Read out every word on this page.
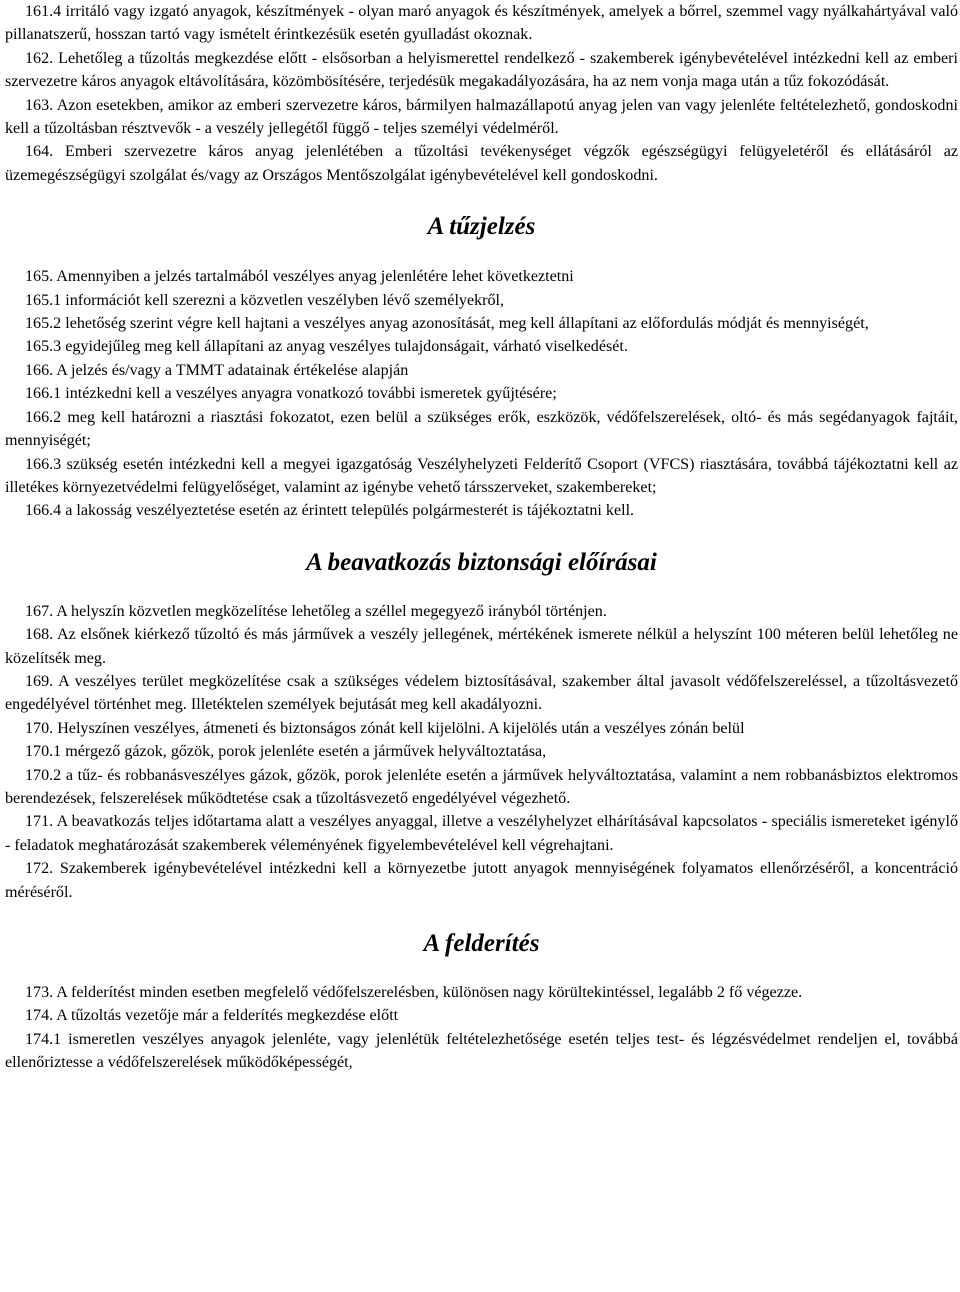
161.4 irritáló vagy izgató anyagok, készítmények - olyan maró anyagok és készítmények, amelyek a bőrrel, szemmel vagy nyálkahártyával való pillanatszerű, hosszan tartó vagy ismételt érintkezésük esetén gyulladást okoznak.

162. Lehetőleg a tűzoltás megkezdése előtt - elsősorban a helyismerettel rendelkező - szakemberek igénybevételével intézkedni kell az emberi szervezetre káros anyagok eltávolítására, közömbösítésére, terjedésük megakadályozására, ha az nem vonja maga után a tűz fokozódását.

163. Azon esetekben, amikor az emberi szervezetre káros, bármilyen halmazállapotú anyag jelen van vagy jelenléte feltételezhető, gondoskodni kell a tűzoltásban résztvevők - a veszély jellegétől függő - teljes személyi védelméről.

164. Emberi szervezetre káros anyag jelenlétében a tűzoltási tevékenységet végzők egészségügyi felügyeletéről és ellátásáról az üzemegészségügyi szolgálat és/vagy az Országos Mentőszolgálat igénybevételével kell gondoskodni.

A tűzjelzés

165. Amennyiben a jelzés tartalmából veszélyes anyag jelenlétére lehet következtetni

165.1 információt kell szerezni a közvetlen veszélyben lévő személyekről,

165.2 lehetőség szerint végre kell hajtani a veszélyes anyag azonosítását, meg kell állapítani az előfordulás módját és mennyiségét,

165.3 egyidejűleg meg kell állapítani az anyag veszélyes tulajdonságait, várható viselkedését.

166. A jelzés és/vagy a TMMT adatainak értékelése alapján

166.1 intézkedni kell a veszélyes anyagra vonatkozó további ismeretek gyűjtésére;

166.2 meg kell határozni a riasztási fokozatot, ezen belül a szükséges erők, eszközök, védőfelszerelések, oltó- és más segédanyagok fajtáit, mennyiségét;

166.3 szükség esetén intézkedni kell a megyei igazgatóság Veszélyhelyzeti Felderítő Csoport (VFCS) riasztására, továbbá tájékoztatni kell az illetékes környezetvédelmi felügyelőséget, valamint az igénybe vehető társszerveket, szakembereket;

166.4 a lakosság veszélyeztetése esetén az érintett település polgármesterét is tájékoztatni kell.

A beavatkozás biztonsági előírásai

167. A helyszín közvetlen megközelítése lehetőleg a széllel megegyező irányból történjen.

168. Az elsőnek kiérkező tűzoltó és más járművek a veszély jellegének, mértékének ismerete nélkül a helyszínt 100 méteren belül lehetőleg ne közelítsék meg.

169. A veszélyes terület megközelítése csak a szükséges védelem biztosításával, szakember által javasolt védőfelszereléssel, a tűzoltásvezető engedélyével történhet meg. Illetéktelen személyek bejutását meg kell akadályozni.

170. Helyszínen veszélyes, átmeneti és biztonságos zónát kell kijelölni. A kijelölés után a veszélyes zónán belül

170.1 mérgező gázok, gőzök, porok jelenléte esetén a járművek helyváltoztatása,

170.2 a tűz- és robbanásveszélyes gázok, gőzök, porok jelenléte esetén a járművek helyváltoztatása, valamint a nem robbanásbiztos elektromos berendezések, felszerelések működtetése csak a tűzoltásvezető engedélyével végezhető.

171. A beavatkozás teljes időtartama alatt a veszélyes anyaggal, illetve a veszélyhelyzet elhárításával kapcsolatos - speciális ismereteket igénylő - feladatok meghatározását szakemberek véleményének figyelembevételével kell végrehajtani.

172. Szakemberek igénybevételével intézkedni kell a környezetbe jutott anyagok mennyiségének folyamatos ellenőrzéséről, a koncentráció méréséről.

A felderítés

173. A felderítést minden esetben megfelelő védőfelszerelésben, különösen nagy körültekintéssel, legalább 2 fő végezze.

174. A tűzoltás vezetője már a felderítés megkezdése előtt

174.1 ismeretlen veszélyes anyagok jelenléte, vagy jelenlétük feltételezhetősége esetén teljes test- és légzésvédelmet rendeljen el, továbbá ellenőriztesse a védőfelszerelések működőképességét,
